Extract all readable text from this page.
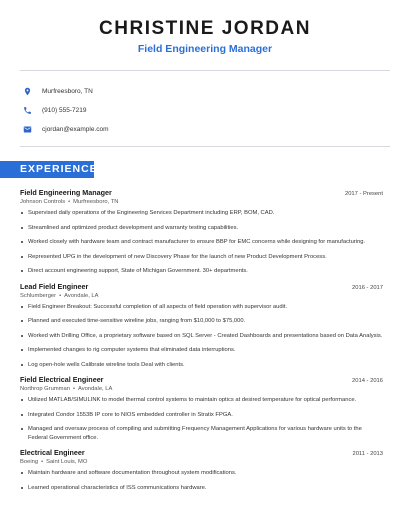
CHRISTINE JORDAN
Field Engineering Manager
Murfreesboro, TN
(910) 555-7219
cjordan@example.com
EXPERIENCE
Field Engineering Manager	2017 - Present
Johnson Controls • Murfreesboro, TN
Supervised daily operations of the Engineering Services Department including ERP, BOM, CAD.
Streamlined and optimized product development and warranty testing capabilities.
Worked closely with hardware team and contract manufacturer to ensure BBP for EMC concerns while designing for manufacturing.
Represented UPG in the development of new Discovery Phase for the launch of new Product Development Process.
Direct account engineering support, State of Michigan Government. 30+ departments.
Lead Field Engineer	2016 - 2017
Schlumberger • Avondale, LA
Field Engineer Breakout: Successful completion of all aspects of field operation with supervisor audit.
Planned and executed time-sensitive wireline jobs, ranging from $10,000 to $75,000.
Worked with Drilling Office, a proprietary software based on SQL Server - Created Dashboards and presentations based on Data Analysis.
Implemented changes to rig computer systems that eliminated data interruptions.
Log open-hole wells Calibrate wireline tools Deal with clients.
Field Electrical Engineer	2014 - 2016
Northrop Grumman • Avondale, LA
Utilized MATLAB/SIMULINK to model thermal control systems to maintain optics at desired temperature for optical performance.
Integrated Condor 1553B IP core to NIOS embedded controller in Stratix FPGA.
Managed and oversaw process of compiling and submitting Frequency Management Applications for various hardware units to the Federal Government office.
Electrical Engineer	2011 - 2013
Boeing • Saint Louis, MO
Maintain hardware and software documentation throughout system modifications.
Learned operational characteristics of ISS communications hardware.
